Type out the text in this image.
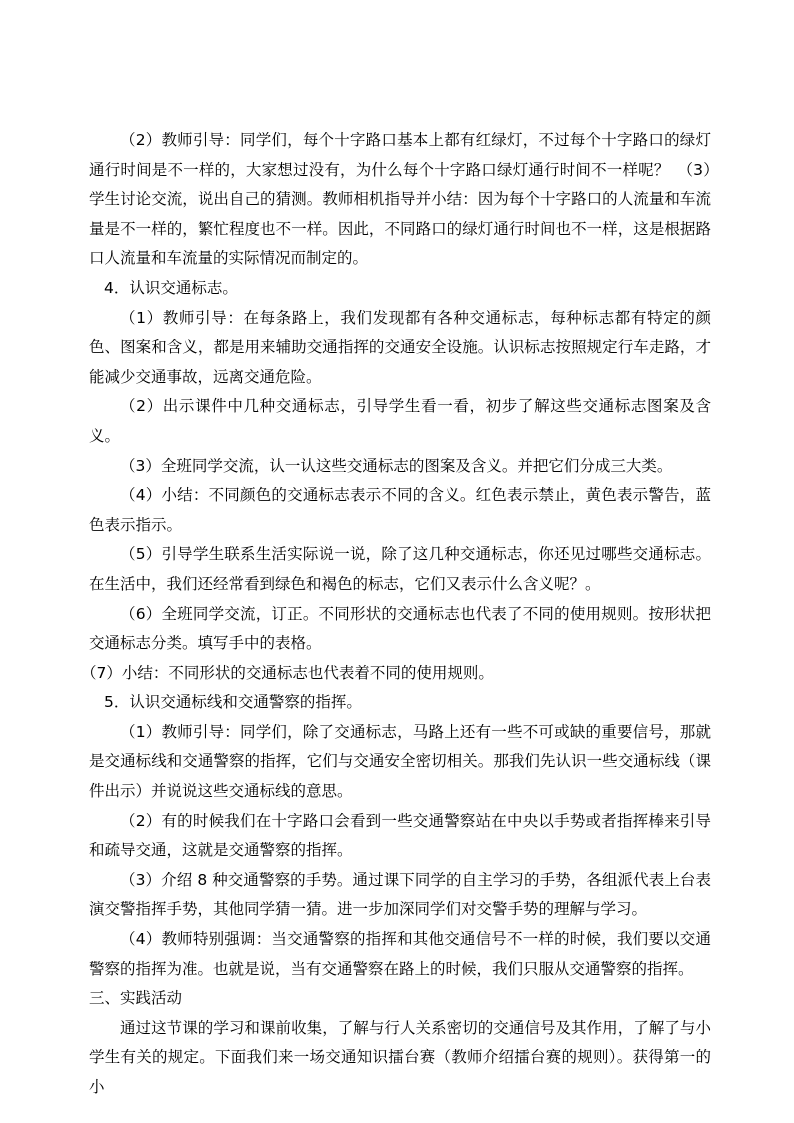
（2）教师引导：同学们，每个十字路口基本上都有红绿灯，不过每个十字路口的绿灯通行时间是不一样的，大家想过没有，为什么每个十字路口绿灯通行时间不一样呢？　（3）学生讨论交流，说出自己的猜测。教师相机指导并小结：因为每个十字路口的人流量和车流量是不一样的，繁忙程度也不一样。因此，不同路口的绿灯通行时间也不一样，这是根据路口人流量和车流量的实际情况而制定的。

4．认识交通标志。

（1）教师引导：在每条路上，我们发现都有各种交通标志，每种标志都有特定的颜色、图案和含义，都是用来辅助交通指挥的交通安全设施。认识标志按照规定行车走路，才能减少交通事故，远离交通危险。

（2）出示课件中几种交通标志，引导学生看一看，初步了解这些交通标志图案及含义。

（3）全班同学交流，认一认这些交通标志的图案及含义。并把它们分成三大类。

（4）小结：不同颜色的交通标志表示不同的含义。红色表示禁止，黄色表示警告，蓝色表示指示。

（5）引导学生联系生活实际说一说，除了这几种交通标志，你还见过哪些交通标志。在生活中，我们还经常看到绿色和褐色的标志，它们又表示什么含义呢？。

（6）全班同学交流，订正。不同形状的交通标志也代表了不同的使用规则。按形状把交通标志分类。填写手中的表格。

（7）小结：不同形状的交通标志也代表着不同的使用规则。

5．认识交通标线和交通警察的指挥。

（1）教师引导：同学们，除了交通标志，马路上还有一些不可或缺的重要信号，那就是交通标线和交通警察的指挥，它们与交通安全密切相关。那我们先认识一些交通标线（课件出示）并说说这些交通标线的意思。

（2）有的时候我们在十字路口会看到一些交通警察站在中央以手势或者指挥棒来引导和疏导交通，这就是交通警察的指挥。

（3）介绍 8 种交通警察的手势。通过课下同学的自主学习的手势，各组派代表上台表演交警指挥手势，其他同学猜一猜。进一步加深同学们对交警手势的理解与学习。

（4）教师特别强调：当交通警察的指挥和其他交通信号不一样的时候，我们要以交通警察的指挥为准。也就是说，当有交通警察在路上的时候，我们只服从交通警察的指挥。

三、实践活动

通过这节课的学习和课前收集，了解与行人关系密切的交通信号及其作用，了解了与小学生有关的规定。下面我们来一场交通知识擂台赛（教师介绍擂台赛的规则）。获得第一的小
